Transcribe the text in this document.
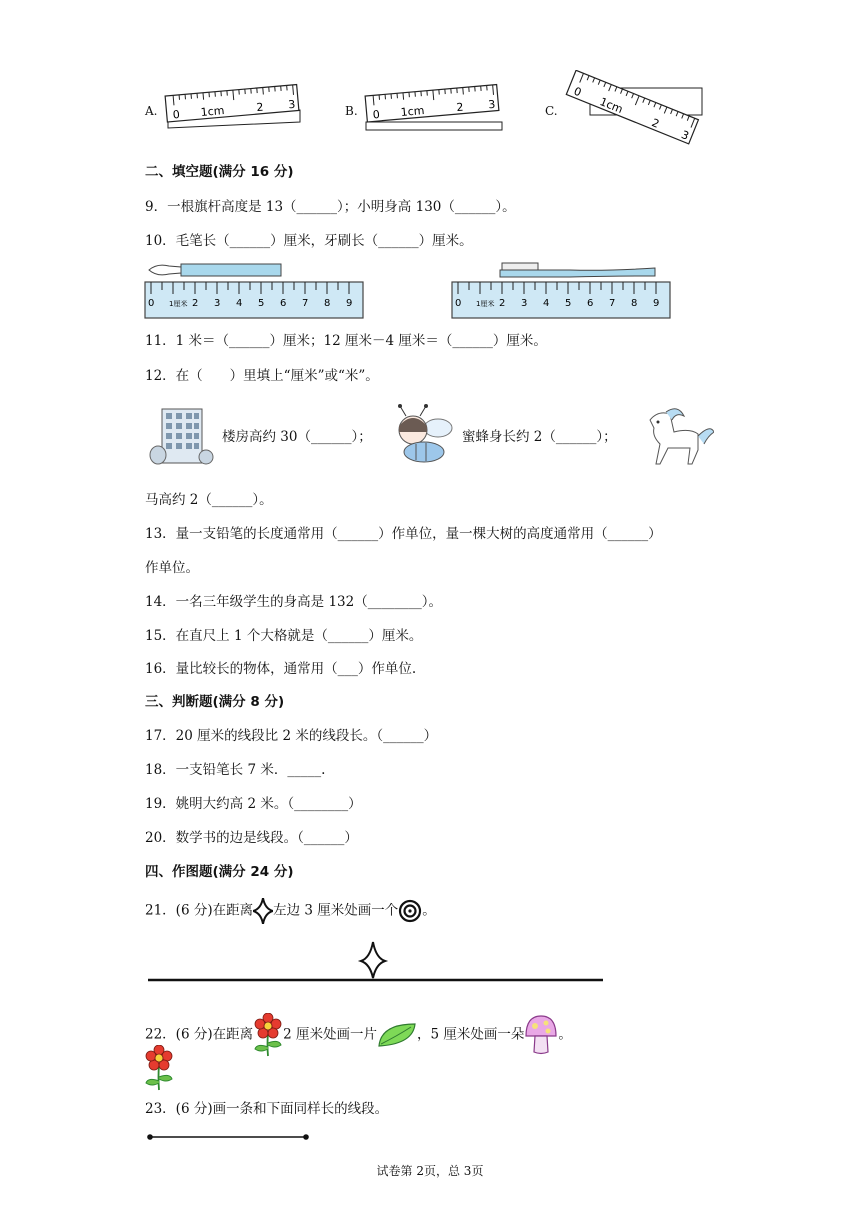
A. 0 1cm	2 3	B. 0 1cm	2 3	C.
0
1cm
2
3
二、填空题(满分 16 分)
9．一根旗杆高度是 13（______）；小明身高 130（______）。
10．毛笔长（______）厘米，牙刷长（______）厘米。
0 1厘米 2 3 4 5 6 7 8 9	0 1厘米 2 3 4 5 6 7 8 9
11．1 米＝（______）厘米；12 厘米－4 厘米＝（______）厘米。
12．在（　　）里填上“厘米”或“米”。
楼房高约 30（______）；	蜜蜂身长约 2（______）；
马高约 2（______）。
13．量一支铅笔的长度通常用（______）作单位，量一棵大树的高度通常用（______）
作单位。
14．一名三年级学生的身高是 132（________）。
15．在直尺上 1 个大格就是（______）厘米。
16．量比较长的物体，通常用（___）作单位.
三、判断题(满分 8 分)
17．20 厘米的线段比 2 米的线段长。（______）
18．一支铅笔长 7 米．_____.
19．姚明大约高 2 米。（________）
20．数学书的边是线段。（______）
四、作图题(满分 24 分)
21．(6 分)在距离 左边 3 厘米处画一个 。
22．(6 分)在距离 2 厘米处画一片	，5 厘米处画一朵	。
23．(6 分)画一条和下面同样长的线段。
试卷第 2页，总 3页
